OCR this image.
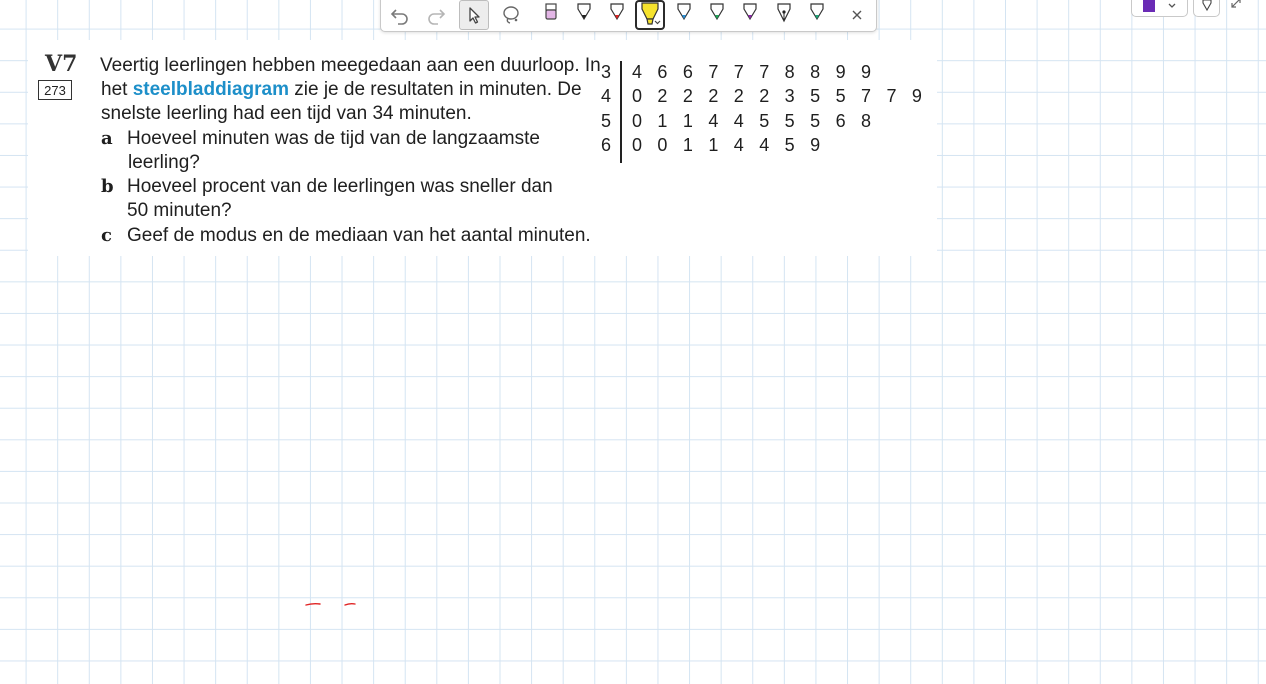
V7
273
Veertig leerlingen hebben meegedaan aan een duurloop. In
het steelbladdiagram zie je de resultaten in minuten. De
snelste leerling had een tijd van 34 minuten.
a Hoeveel minuten was de tijd van de langzaamste
leerling?
b Hoeveel procent van de leerlingen was sneller dan
50 minuten?
c Geef de modus en de mediaan van het aantal minuten.
3 4 6 6 7 7 7 8 8 9 9
4 0 2 2 2 2 2 3 5 5 7 7 9
5 0 1 1 4 4 5 5 5 6 8
6 0 0 1 1 4 4 5 9
